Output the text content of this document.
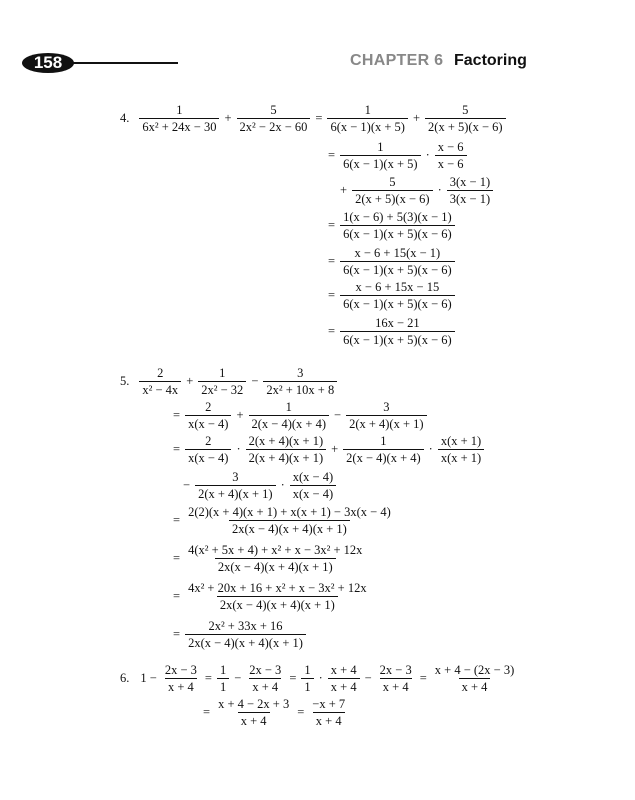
158	CHAPTER 6 Factoring
4. $\frac{1}{\text{6x² + 24x − 30}} + \frac{5}{\text{2x² − 2x − 60}} = \frac{1}{6(x - 1)(x + 5)} + \frac{5}{2(x + 5)(x - 6)}$
= $\frac{1}{6(x - 1)(x + 5)} \cdot \frac{x - 6}{x - 6}$
+ $\frac{5}{2(x + 5)(x - 6)} \cdot \frac{3(x - 1)}{3(x - 1)}$
= $\frac{1(x - 6) + 5(3)(x - 1)}{6(x - 1)(x + 5)(x - 6)}$
= $\frac{x - 6 + 15(x - 1)}{6(x - 1)(x + 5)(x - 6)}$
= $\frac{x - 6 + 15x - 15}{6(x - 1)(x + 5)(x - 6)}$
= $\frac{16x - 21}{6(x - 1)(x + 5)(x - 6)}$
5. $\frac{2}{\text{x² − 4x}} + \frac{1}{\text{2x² − 32}} - \frac{3}{\text{2x² + 10x + 8}}$
= $\frac{2}{x(x - 4)} + \frac{1}{2(x - 4)(x + 4)} - \frac{3}{2(x + 4)(x + 1)}$
= $\frac{2}{x(x - 4)} \cdot \frac{2(x + 4)(x + 1)}{2(x + 4)(x + 1)} + \frac{1}{2(x - 4)(x + 4)} \cdot \frac{x(x + 1)}{x(x + 1)}$
− $\frac{3}{2(x + 4)(x + 1)} \cdot \frac{x(x - 4)}{x(x - 4)}$
= $\frac{2(2)(x + 4)(x + 1) + x(x + 1) - 3x(x - 4)}{2x(x - 4)(x + 4)(x + 1)}$
= $\frac{\text{4(x² + 5x + 4) + x² + x − 3x² + 12x}}{2x(x - 4)(x + 4)(x + 1)}$
= $\frac{\text{4x² + 20x + 16 + x² + x − 3x² + 12x}}{2x(x - 4)(x + 4)(x + 1)}$
= $\frac{\text{2x² + 33x + 16}}{2x(x - 4)(x + 4)(x + 1)}$
6. $1 - \frac{2x - 3}{x + 4} = \frac{1}{1} - \frac{2x - 3}{x + 4} = \frac{1}{1} \cdot \frac{x + 4}{x + 4} - \frac{2x - 3}{x + 4} = \frac{x + 4 - (2x - 3)}{x + 4}$
= $\frac{x + 4 - 2x + 3}{x + 4} = \frac{-x + 7}{x + 4}$
